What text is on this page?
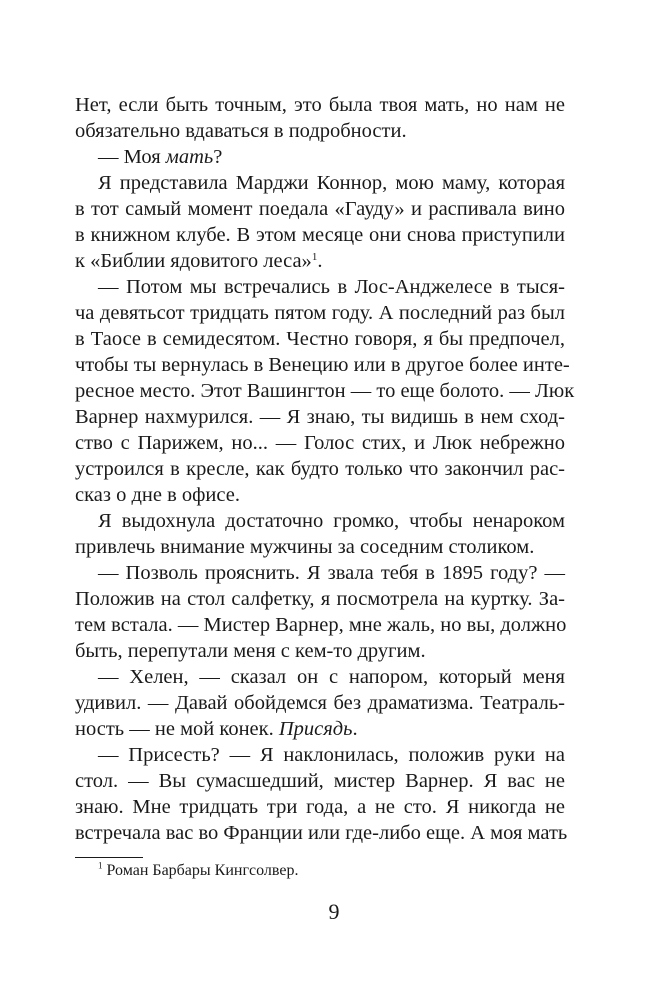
Нет, если быть точным, это была твоя мать, но нам не
обязательно вдаваться в подробности.
— Моя мать?
Я представила Марджи Коннор, мою маму, которая
в тот самый момент поедала «Гауду» и распивала вино
в книжном клубе. В этом месяце они снова приступили
к «Библии ядовитого леса»$^1$.
— Потом мы встречались в Лос-Анджелесе в тыся-
ча девятьсот тридцать пятом году. А последний раз был
в Таосе в семидесятом. Честно говоря, я бы предпочел,
чтобы ты вернулась в Венецию или в другое более инте-
ресное место. Этот Вашингтон — то еще болото. — Люк
Варнер нахмурился. — Я знаю, ты видишь в нем сход-
ство с Парижем, но... — Голос стих, и Люк небрежно
устроился в кресле, как будто только что закончил рас-
сказ о дне в офисе.
Я выдохнула достаточно громко, чтобы ненароком
привлечь внимание мужчины за соседним столиком.
— Позволь прояснить. Я звала тебя в 1895 году? —
Положив на стол салфетку, я посмотрела на куртку. За-
тем встала. — Мистер Варнер, мне жаль, но вы, должно
быть, перепутали меня с кем-то другим.
— Хелен, — сказал он с напором, который меня
удивил. — Давай обойдемся без драматизма. Театраль-
ность — не мой конек. Присядь.
— Присесть? — Я наклонилась, положив руки на
стол. — Вы сумасшедший, мистер Варнер. Я вас не
знаю. Мне тридцать три года, а не сто. Я никогда не
встречала вас во Франции или где-либо еще. А моя мать
$^1$ Роман Барбары Кингсолвер.
9
